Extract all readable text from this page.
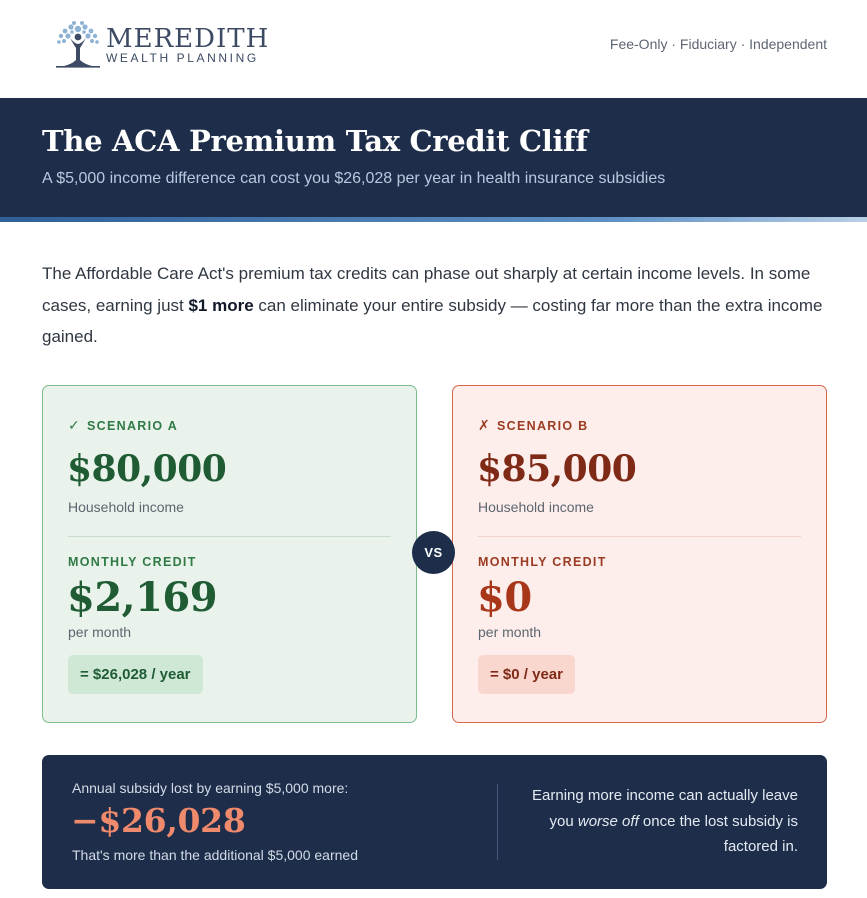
MEREDITH
WEALTH PLANNING
Fee-Only · Fiduciary · Independent
The ACA Premium Tax Credit Cliff
A $5,000 income difference can cost you $26,028 per year in health insurance subsidies

The Affordable Care Act's premium tax credits can phase out sharply at certain income levels. In some cases, earning just $1 more can eliminate your entire subsidy — costing far more than the extra income gained.

✓ SCENARIO A
$80,000
Household income
MONTHLY CREDIT
$2,169
per month
= $26,028 / year
✗ SCENARIO B
$85,000
Household income
MONTHLY CREDIT
$0
per month
= $0 / year
VS
Annual subsidy lost by earning $5,000 more:
−$26,028
That's more than the additional $5,000 earned

Earning more income can actually leave you worse off once the lost subsidy is factored in.
